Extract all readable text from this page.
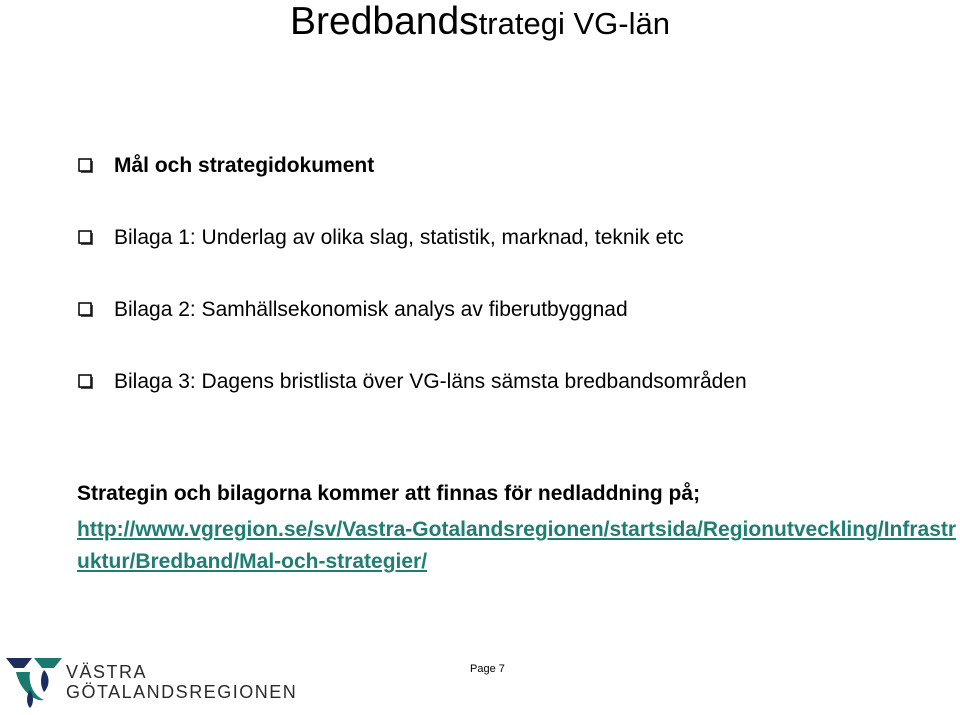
Bredbandstrategi VG-län
Mål och strategidokument
Bilaga 1: Underlag av olika slag, statistik, marknad, teknik etc
Bilaga 2: Samhällsekonomisk analys av fiberutbyggnad
Bilaga 3: Dagens bristlista över VG-läns sämsta bredbandsområden
Strategin och bilagorna kommer att finnas för nedladdning på;
http://www.vgregion.se/sv/Vastra-Gotalandsregionen/startsida/Regionutveckling/Infrastruktur/Bredband/Mal-och-strategier/
VÄSTRA
GÖTALANDSREGIONEN
Page 7
